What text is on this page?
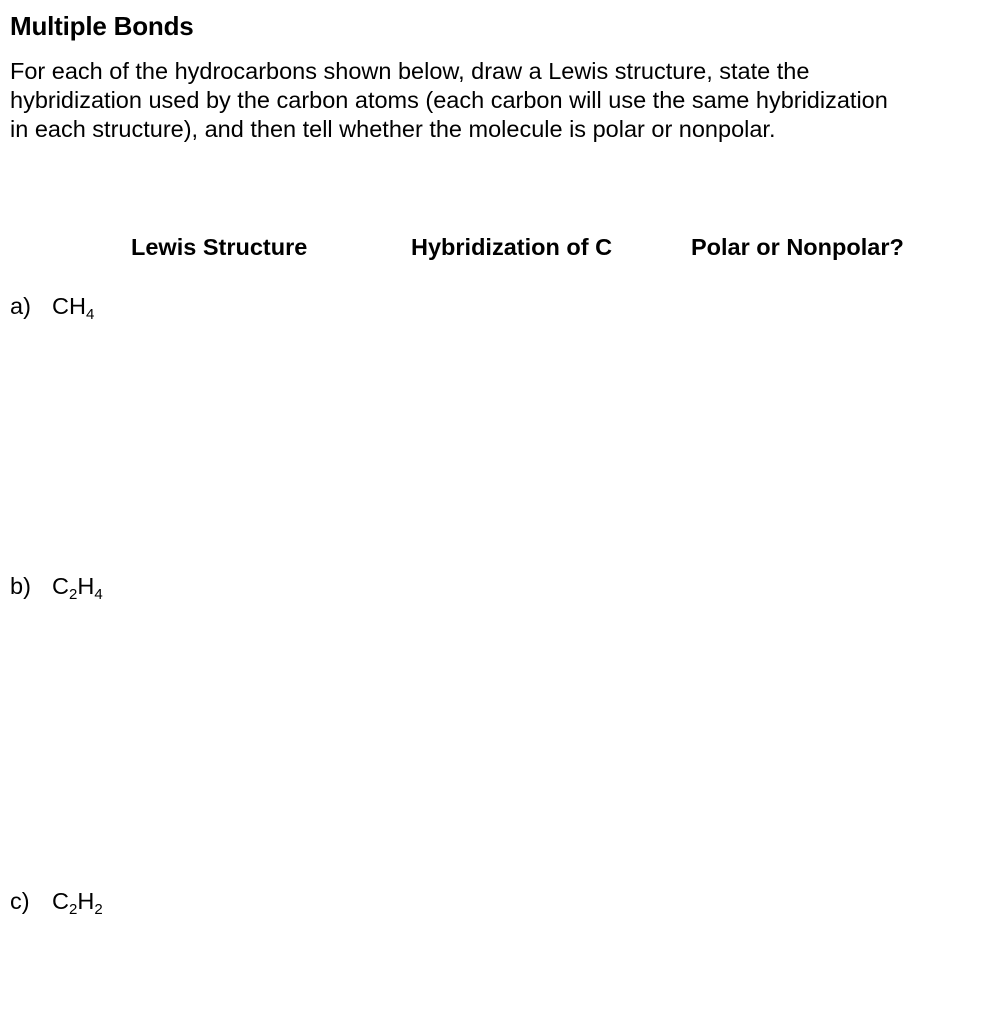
Multiple Bonds

For each of the hydrocarbons shown below, draw a Lewis structure, state the hybridization used by the carbon atoms (each carbon will use the same hybridization in each structure), and then tell whether the molecule is polar or nonpolar.

Lewis Structure	Hybridization of C	Polar or Nonpolar?
a) $CH_4$
b) $C_2H_4$
c) $C_2H_2$
